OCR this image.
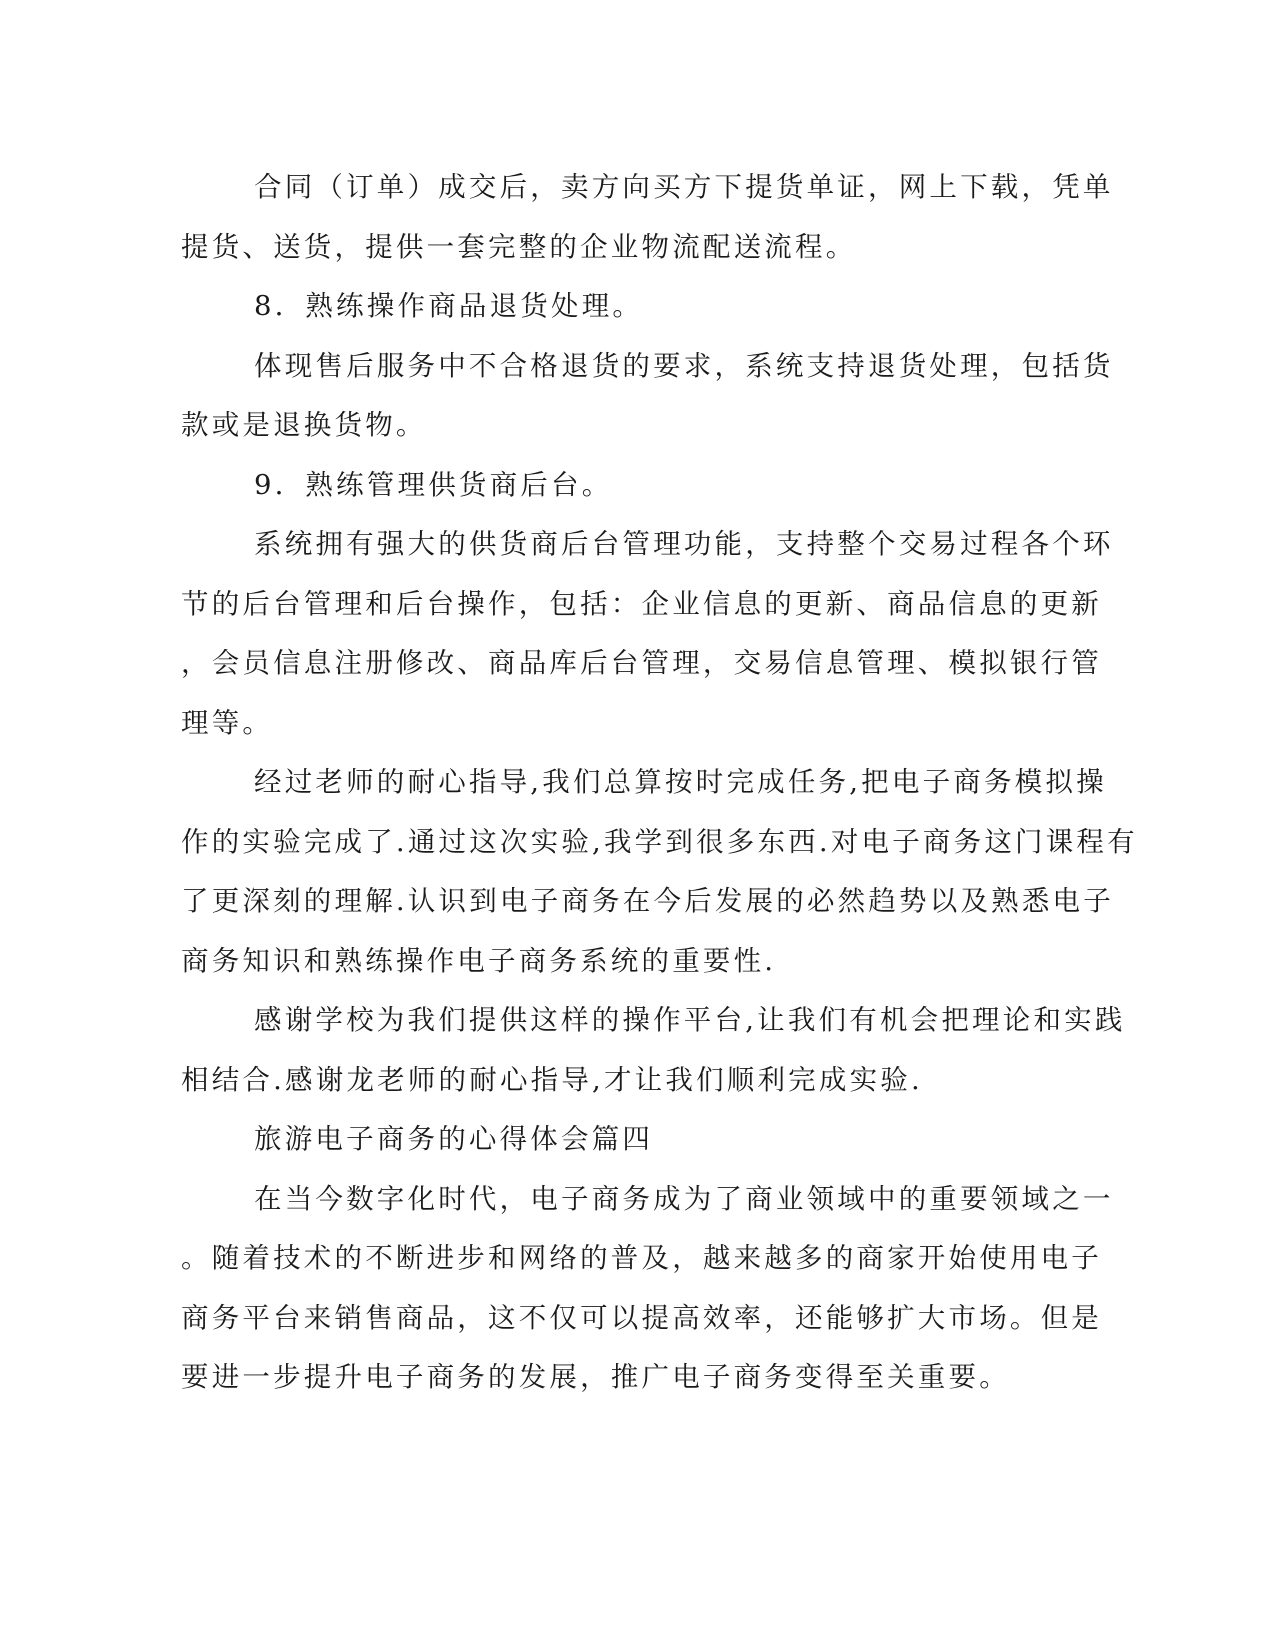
合同（订单）成交后，卖方向买方下提货单证，网上下载，凭单
提货、送货，提供一套完整的企业物流配送流程。
8．熟练操作商品退货处理。
体现售后服务中不合格退货的要求，系统支持退货处理，包括货
款或是退换货物。
9．熟练管理供货商后台。
系统拥有强大的供货商后台管理功能，支持整个交易过程各个环
节的后台管理和后台操作，包括：企业信息的更新、商品信息的更新
，会员信息注册修改、商品库后台管理，交易信息管理、模拟银行管
理等。
经过老师的耐心指导,我们总算按时完成任务,把电子商务模拟操
作的实验完成了.通过这次实验,我学到很多东西.对电子商务这门课程有
了更深刻的理解.认识到电子商务在今后发展的必然趋势以及熟悉电子
商务知识和熟练操作电子商务系统的重要性.
感谢学校为我们提供这样的操作平台,让我们有机会把理论和实践
相结合.感谢龙老师的耐心指导,才让我们顺利完成实验.
旅游电子商务的心得体会篇四
在当今数字化时代，电子商务成为了商业领域中的重要领域之一
。随着技术的不断进步和网络的普及，越来越多的商家开始使用电子
商务平台来销售商品，这不仅可以提高效率，还能够扩大市场。但是
要进一步提升电子商务的发展，推广电子商务变得至关重要。
